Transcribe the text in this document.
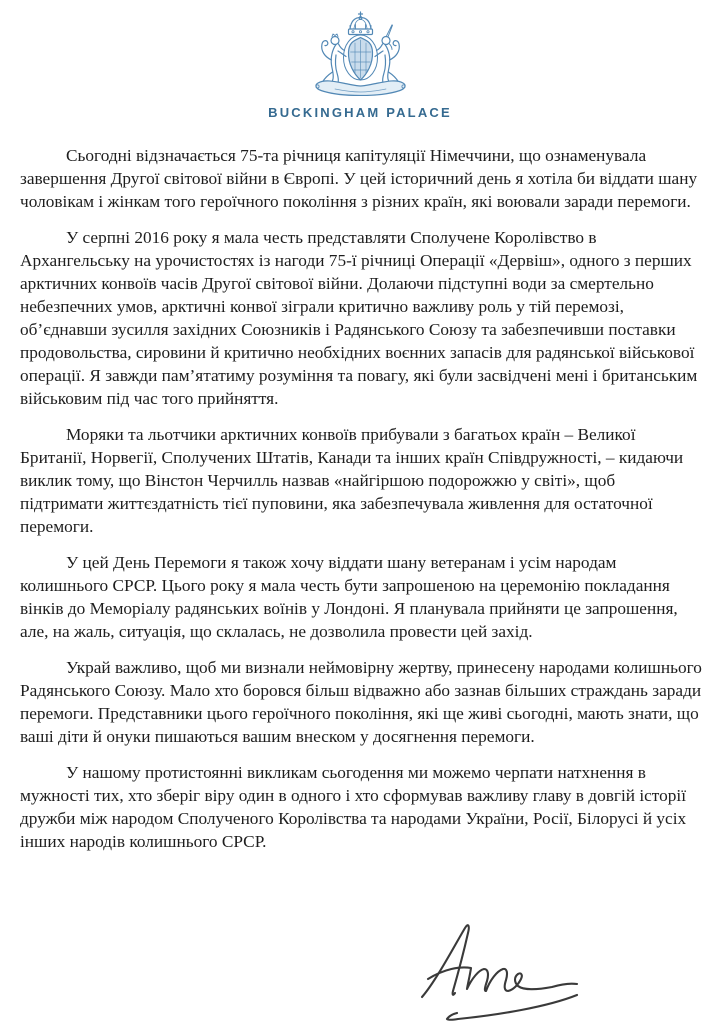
BUCKINGHAM PALACE

Сьогодні відзначається 75-та річниця капітуляції Німеччини, що ознаменувала завершення Другої світової війни в Європі. У цей історичний день я хотіла би віддати шану чоловікам і жінкам того героїчного покоління з різних країн, які воювали заради перемоги.

У серпні 2016 року я мала честь представляти Сполучене Королівство в Архангельську на урочистостях із нагоди 75-ї річниці Операції «Дервіш», одного з перших арктичних конвоїв часів Другої світової війни. Долаючи підступні води за смертельно небезпечних умов, арктичні конвої зіграли критично важливу роль у тій перемозі, об’єднавши зусилля західних Союзників і Радянського Союзу та забезпечивши поставки продовольства, сировини й критично необхідних воєнних запасів для радянської військової операції. Я завжди пам’ятатиму розуміння та повагу, які були засвідчені мені і британським військовим під час того прийняття.

Моряки та льотчики арктичних конвоїв прибували з багатьох країн – Великої Британії, Норвегії, Сполучених Штатів, Канади та інших країн Співдружності, – кидаючи виклик тому, що Вінстон Черчилль назвав «найгіршою подорожжю у світі», щоб підтримати життєздатність тієї пуповини, яка забезпечувала живлення для остаточної перемоги.

У цей День Перемоги я також хочу віддати шану ветеранам і усім народам колишнього СРСР. Цього року я мала честь бути запрошеною на церемонію покладання вінків до Меморіалу радянських воїнів у Лондоні. Я планувала прийняти це запрошення, але, на жаль, ситуація, що склалась, не дозволила провести цей захід.

Украй важливо, щоб ми визнали неймовірну жертву, принесену народами колишнього Радянського Союзу. Мало хто боровся більш відважно або зазнав більших страждань заради перемоги. Представники цього героїчного покоління, які ще живі сьогодні, мають знати, що ваші діти й онуки пишаються вашим внеском у досягнення перемоги.

У нашому протистоянні викликам сьогодення ми можемо черпати натхнення в мужності тих, хто зберіг віру один в одного і хто сформував важливу главу в довгій історії дружби між народом Сполученого Королівства та народами України, Росії, Білорусі й усіх інших народів колишнього СРСР.
